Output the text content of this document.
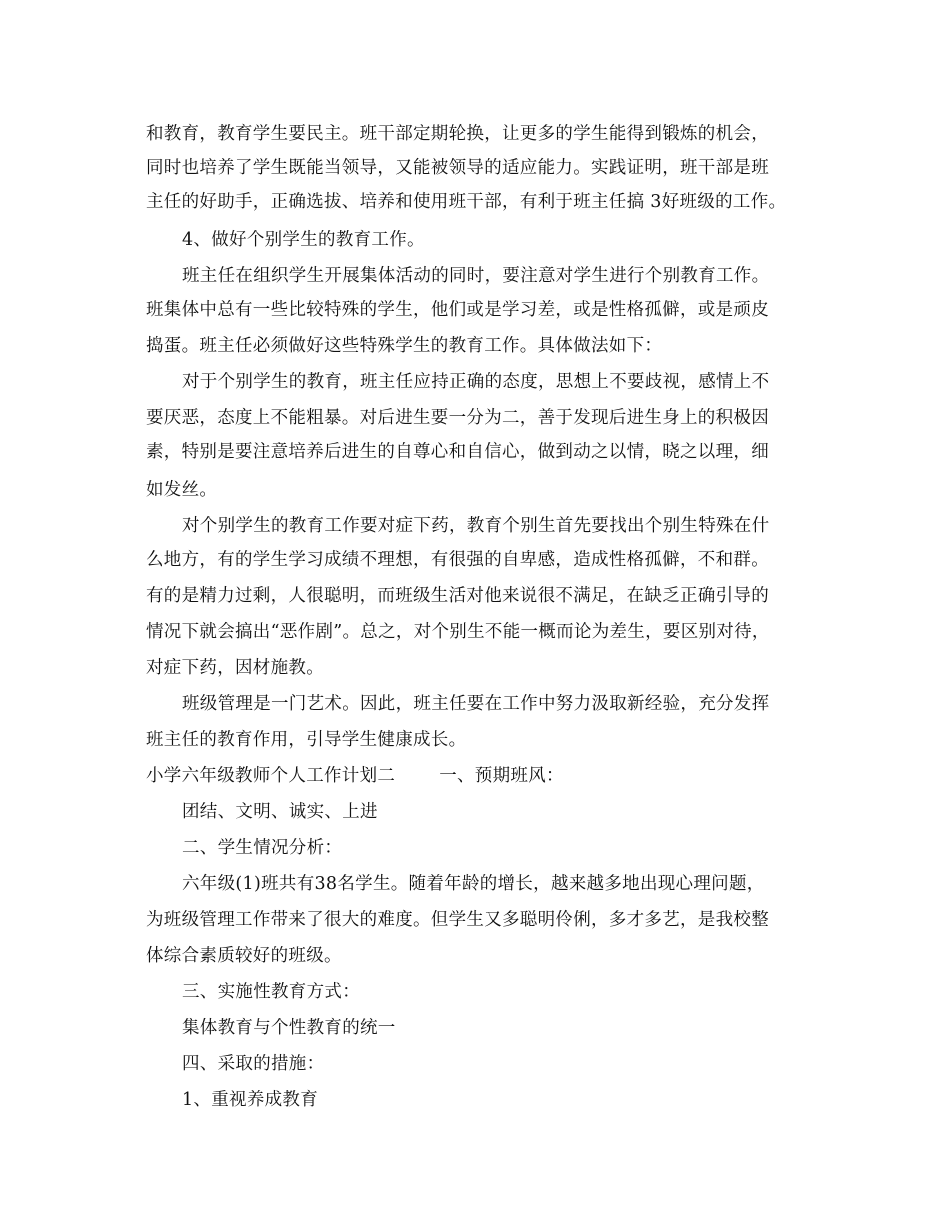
和教育，教育学生要民主。班干部定期轮换，让更多的学生能得到锻炼的机会，
同时也培养了学生既能当领导，又能被领导的适应能力。实践证明，班干部是班
主任的好助手，正确选拔、培养和使用班干部，有利于班主任搞 3好班级的工作。
4、做好个别学生的教育工作。
班主任在组织学生开展集体活动的同时，要注意对学生进行个别教育工作。
班集体中总有一些比较特殊的学生，他们或是学习差，或是性格孤僻，或是顽皮
捣蛋。班主任必须做好这些特殊学生的教育工作。具体做法如下：
对于个别学生的教育，班主任应持正确的态度，思想上不要歧视，感情上不
要厌恶，态度上不能粗暴。对后进生要一分为二，善于发现后进生身上的积极因
素，特别是要注意培养后进生的自尊心和自信心，做到动之以情，晓之以理，细
如发丝。
对个别学生的教育工作要对症下药，教育个别生首先要找出个别生特殊在什
么地方，有的学生学习成绩不理想，有很强的自卑感，造成性格孤僻，不和群。
有的是精力过剩，人很聪明，而班级生活对他来说很不满足，在缺乏正确引导的
情况下就会搞出“恶作剧”。总之，对个别生不能一概而论为差生，要区别对待，
对症下药，因材施教。
班级管理是一门艺术。因此，班主任要在工作中努力汲取新经验，充分发挥
班主任的教育作用，引导学生健康成长。
小学六年级教师个人工作计划二	一、预期班风：
团结、文明、诚实、上进
二、学生情况分析：
六年级(1)班共有38名学生。随着年龄的增长，越来越多地出现心理问题，
为班级管理工作带来了很大的难度。但学生又多聪明伶俐，多才多艺，是我校整
体综合素质较好的班级。
三、实施性教育方式：
集体教育与个性教育的统一
四、采取的措施：
1、重视养成教育
